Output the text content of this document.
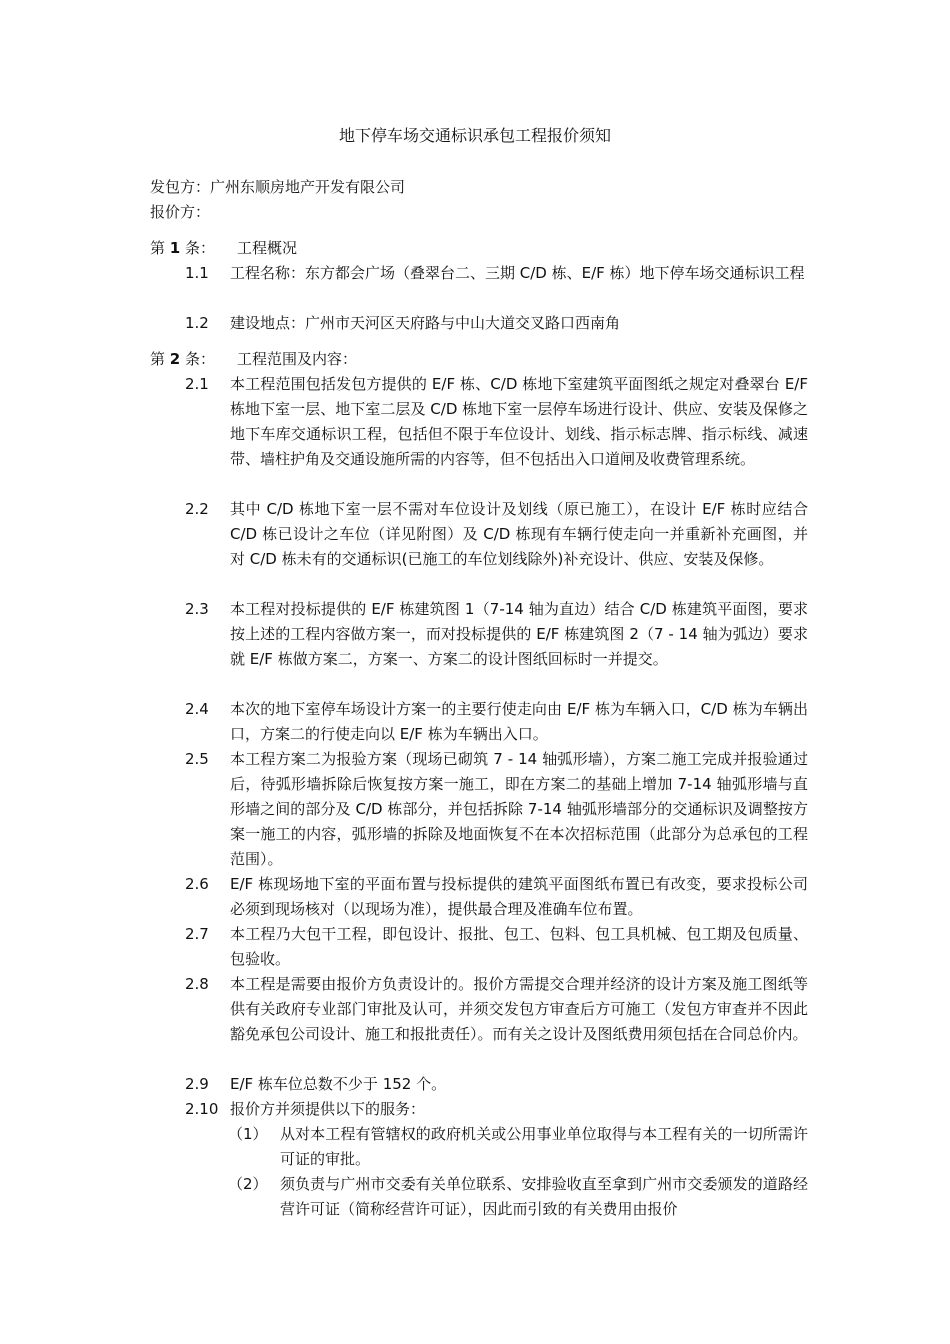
地下停车场交通标识承包工程报价须知
发包方：广州东顺房地产开发有限公司
报价方：
第 1 条： 工程概况
1.1 工程名称：东方都会广场（叠翠台二、三期 C/D 栋、E/F 栋）地下停车场交通标识工程
1.2 建设地点：广州市天河区天府路与中山大道交叉路口西南角
第 2 条： 工程范围及内容：
2.1 本工程范围包括发包方提供的 E/F 栋、C/D 栋地下室建筑平面图纸之规定对叠翠台 E/F 栋地下室一层、地下室二层及 C/D 栋地下室一层停车场进行设计、供应、安装及保修之地下车库交通标识工程，包括但不限于车位设计、划线、指示标志牌、指示标线、减速带、墙柱护角及交通设施所需的内容等，但不包括出入口道闸及收费管理系统。
2.2 其中 C/D 栋地下室一层不需对车位设计及划线（原已施工），在设计 E/F 栋时应结合 C/D 栋已设计之车位（详见附图）及 C/D 栋现有车辆行使走向一并重新补充画图，并对 C/D 栋未有的交通标识(已施工的车位划线除外)补充设计、供应、安装及保修。
2.3 本工程对投标提供的 E/F 栋建筑图 1（7-14 轴为直边）结合 C/D 栋建筑平面图，要求按上述的工程内容做方案一，而对投标提供的 E/F 栋建筑图 2（7 - 14 轴为弧边）要求就 E/F 栋做方案二，方案一、方案二的设计图纸回标时一并提交。
2.4 本次的地下室停车场设计方案一的主要行使走向由 E/F 栋为车辆入口，C/D 栋为车辆出口，方案二的行使走向以 E/F 栋为车辆出入口。
2.5 本工程方案二为报验方案（现场已砌筑 7 - 14 轴弧形墙），方案二施工完成并报验通过后，待弧形墙拆除后恢复按方案一施工，即在方案二的基础上增加 7-14 轴弧形墙与直形墙之间的部分及 C/D 栋部分，并包括拆除 7-14 轴弧形墙部分的交通标识及调整按方案一施工的内容，弧形墙的拆除及地面恢复不在本次招标范围（此部分为总承包的工程范围）。
2.6 E/F 栋现场地下室的平面布置与投标提供的建筑平面图纸布置已有改变，要求投标公司必须到现场核对（以现场为准），提供最合理及准确车位布置。
2.7 本工程乃大包干工程，即包设计、报批、包工、包料、包工具机械、包工期及包质量、包验收。
2.8 本工程是需要由报价方负责设计的。报价方需提交合理并经济的设计方案及施工图纸等供有关政府专业部门审批及认可，并须交发包方审查后方可施工（发包方审查并不因此豁免承包公司设计、施工和报批责任）。而有关之设计及图纸费用须包括在合同总价内。
2.9 E/F 栋车位总数不少于 152 个。
2.10 报价方并须提供以下的服务：
（1） 从对本工程有管辖权的政府机关或公用事业单位取得与本工程有关的一切所需许可证的审批。
（2） 须负责与广州市交委有关单位联系、安排验收直至拿到广州市交委颁发的道路经营许可证（简称经营许可证），因此而引致的有关费用由报价
